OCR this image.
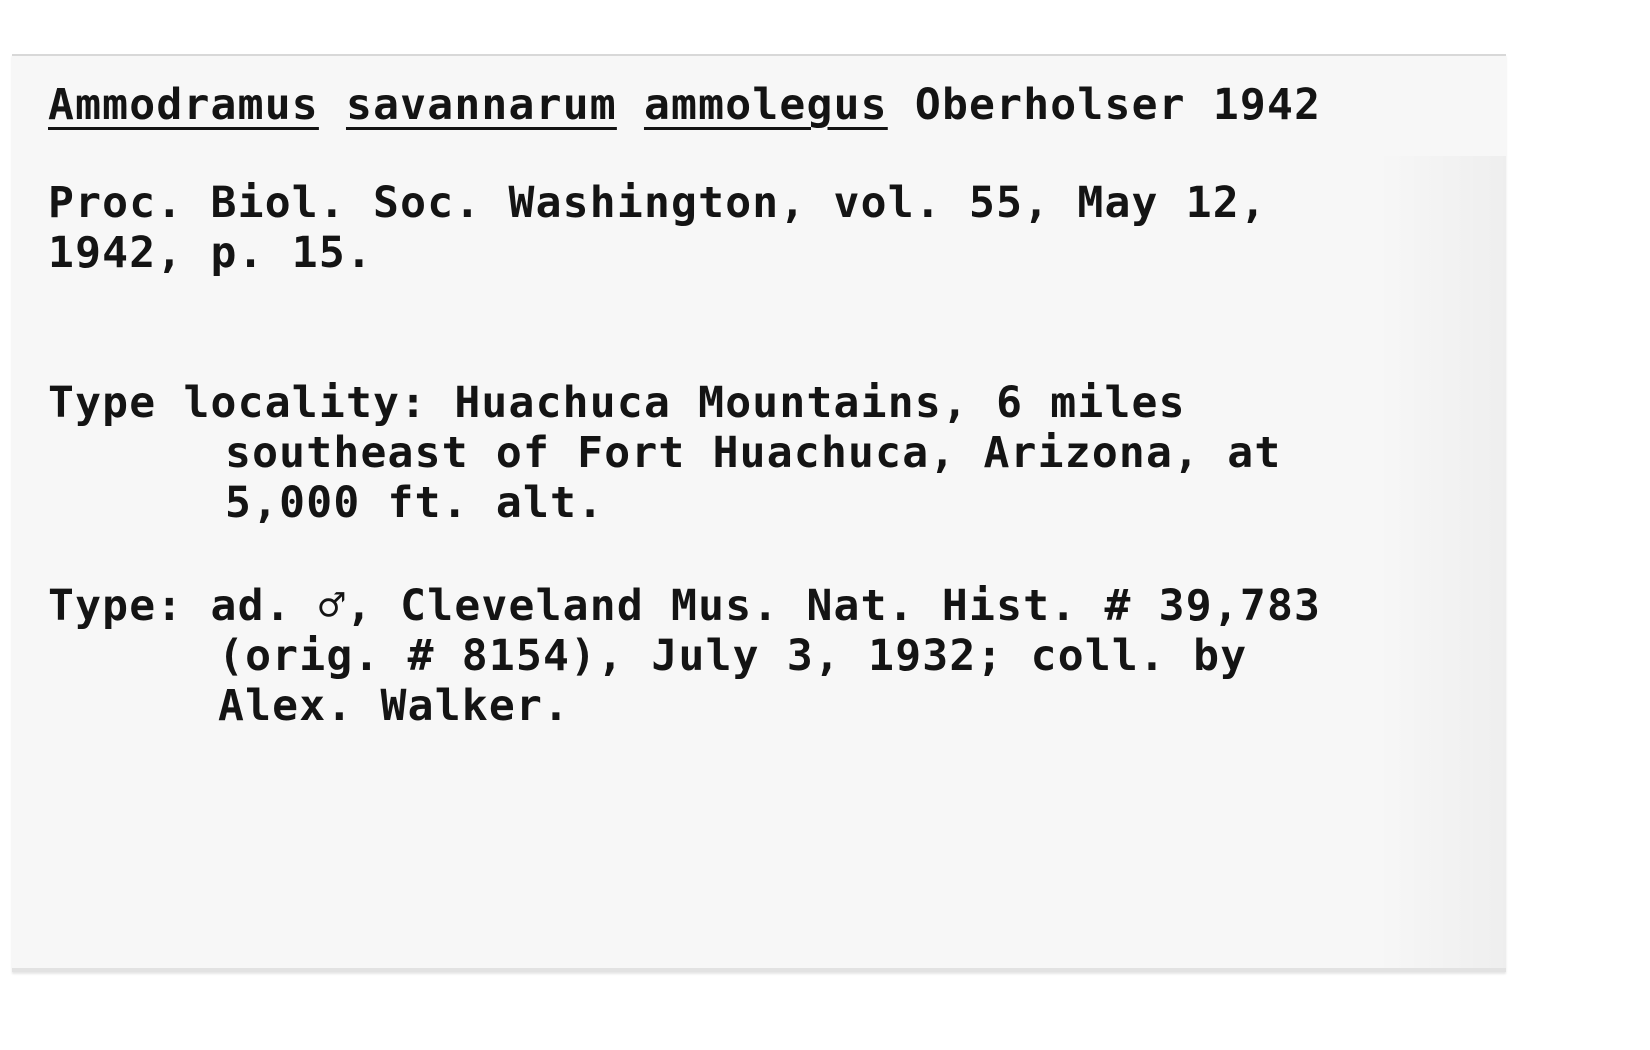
Ammodramus savannarum ammolegus Oberholser 1942
Proc. Biol. Soc. Washington, vol. 55, May 12,
1942, p. 15.
Type locality: Huachuca Mountains, 6 miles
southeast of Fort Huachuca, Arizona, at
5,000 ft. alt.
Type: ad. ♂, Cleveland Mus. Nat. Hist. # 39,783
(orig. # 8154), July 3, 1932; coll. by
Alex. Walker.
